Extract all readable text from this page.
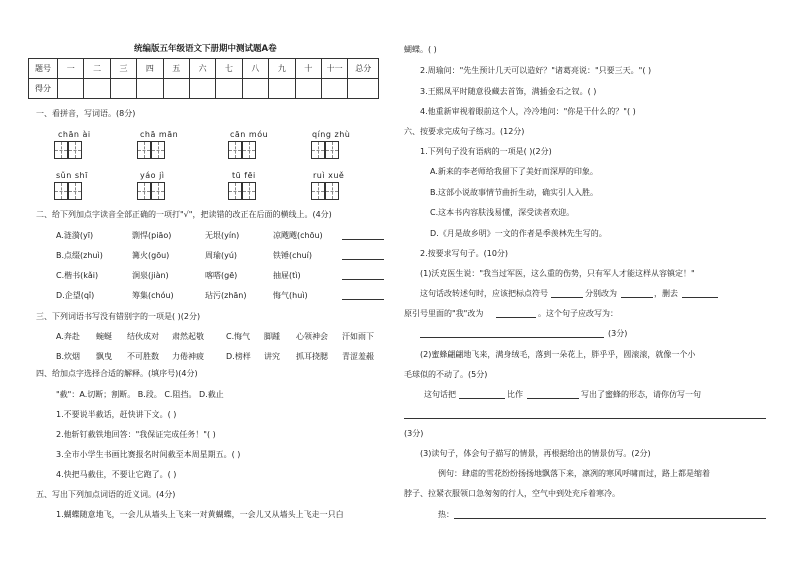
统编版五年级语文下册期中测试题A卷
题号	一	二	三	四	五	六	七	八	九	十	十一	总分
得分												
一、看拼音，写词语。(8分)
chān ài	chā mān	cān móu	qíng zhù
sǔn shī	yáo jì	tū fēi	ruì xuě
二、给下列加点字读音全部正确的一项打"√"，把读错的改正在后面的横线上。(4分)
A.涟漪(yī)	剽悍(piāo)	无垠(yín)	凉飕飕(chōu)
B.点缀(zhuì)	篝火(gōu)	周瑜(yú)	铁锤(chuí)
C.楷书(kǎi)	涧泉(jiàn)	喀嗒(gē)	抽屉(tì)
D.企望(qǐ)	筹集(chóu)	玷污(zhān)	悔气(huì)
三、下列词语书写没有错别字的一项是( )(2分)
A.奔赴 蜿蜒 结伙成对 肃然起敬	C.悔气 脚踵 心领神会 汗如雨下
B.炊烟 飘曳 不可胜数 力倦神疲	D.榜样 讲究 抓耳挠腮 青涩羞赧
四、给加点字选择合适的解释。(填序号)(4分)
"截"：A.切断；割断。 B.段。 C.阻挡。 D.截止
1.不要说半截话，赶快讲下文。( )
2.他斩钉截铁地回答："我保证完成任务！"( )
3.全市小学生书画比赛报名时间截至本周星期五。( )
4.快把马截住，不要让它跑了。( )
五、写出下列加点词语的近义词。(4分)
1.蝴蝶随意地飞，一会儿从墙头上飞来一对黄蝴蝶，一会儿又从墙头上飞走一只白
蝴蝶。( )
2.周瑜问："先生预计几天可以造好？"诸葛亮说："只要三天。"( )
3.王熙凤平时随意役藏去首饰，满插金石之钗。( )
4.他重新审视着眼前这个人，冷冷地问："你是干什么的？"( )
六、按要求完成句子练习。(12分)
1.下列句子没有语病的一项是( )(2分)
A.新来的李老师给我留下了美好而深厚的印象。
B.这部小说故事情节曲折生动，确实引人入胜。
C.这本书内容肤浅易懂，深受读者欢迎。
D.《月是故乡明》一文的作者是季羡林先生写的。
2.按要求写句子。(10分)
(1)沃克医生说："我当过军医，这么重的伤势，只有军人才能这样从容镇定！"
这句话改转述句时，应该把标点符号	分别改为	，删去
原引号里面的"我"改为	。这个句子应改写为：
(3分)
(2)蜜蜂翩翩地飞来，满身绒毛，落到一朵花上，胖乎乎，圆滚滚，就像一个小
毛球似的不动了。(5分)
这句话把	比作	写出了蜜蜂的形态，请你仿写一句
(3分)
(3)读句子，体会句子描写的情景，再根据给出的情景仿写。(2分)
例句：肆虐的雪花纷纷扬扬地飘落下来，凛冽的寒风呼啸而过，路上都是缩着
脖子、拉紧衣服领口急匆匆的行人，空气中到处充斥着寒冷。
热：
